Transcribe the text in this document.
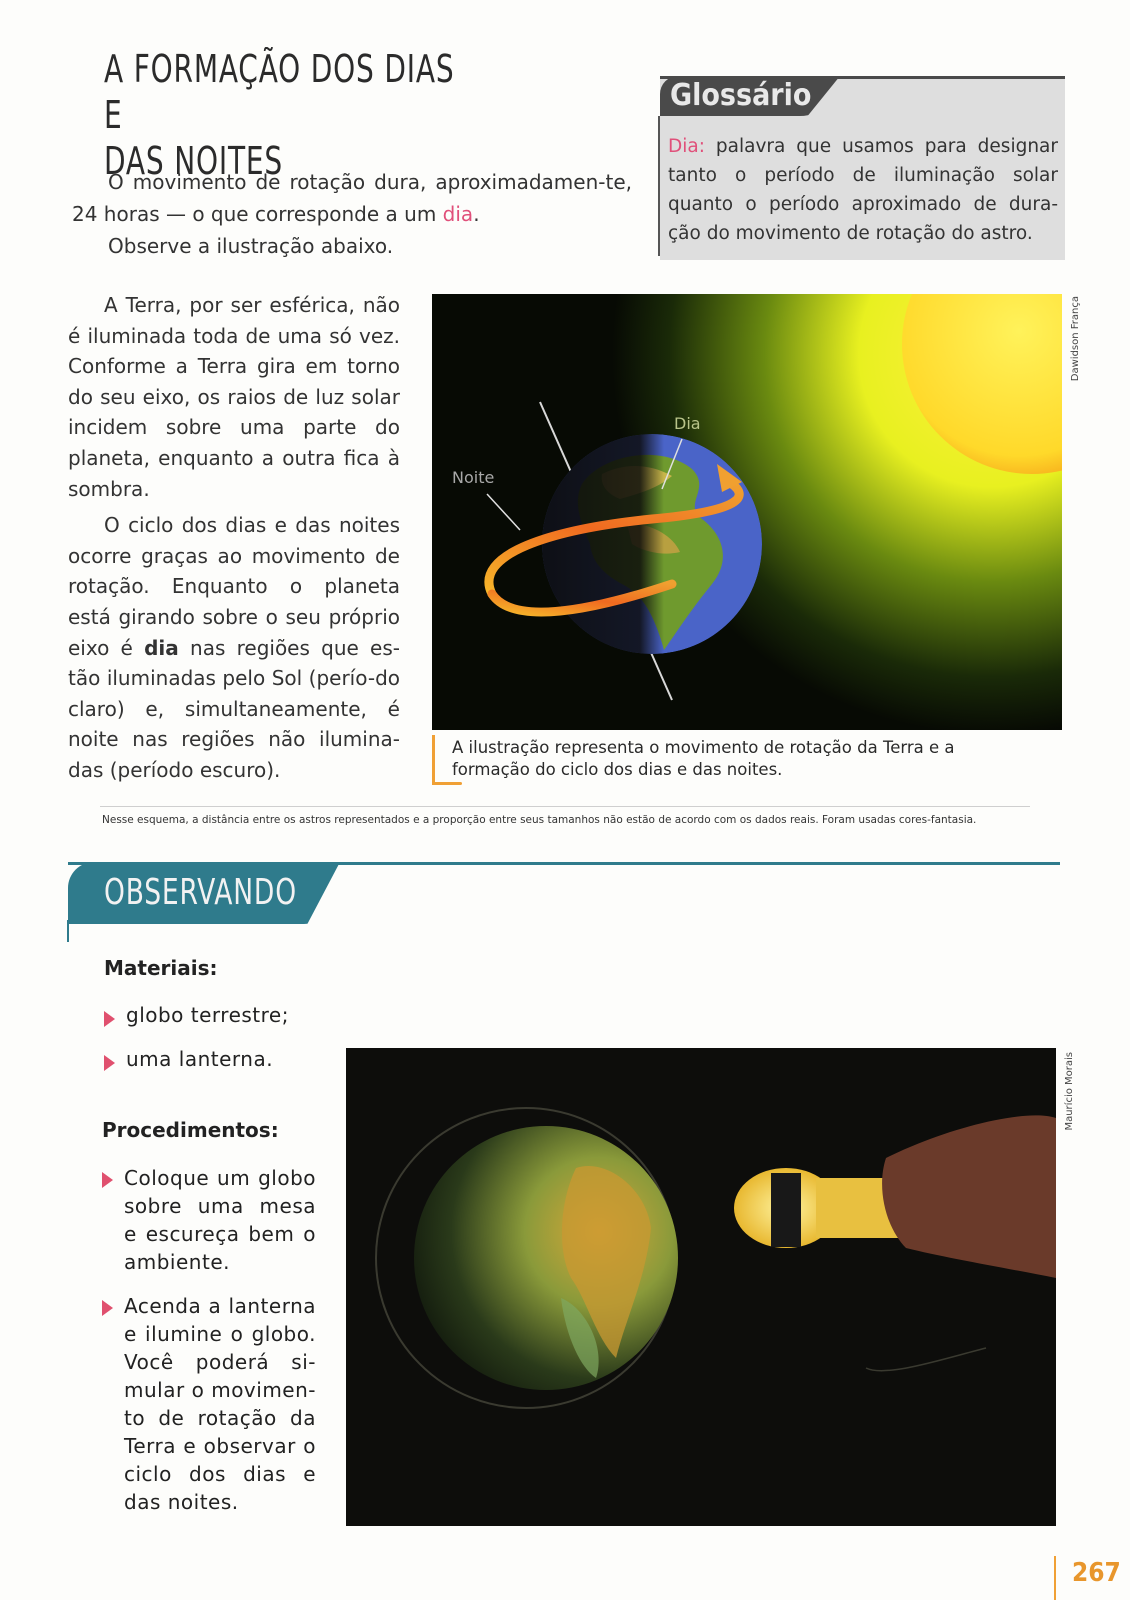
A FORMAÇÃO DOS DIAS E
DAS NOITES

O movimento de rotação dura, aproximadamen-te, 24 horas — o que corresponde a um dia.

Observe a ilustração abaixo.

Glossário
Dia: palavra que usamos para designar tanto o período de iluminação solar quanto o período aproximado de dura-ção do movimento de rotação do astro.

A Terra, por ser esférica, não é iluminada toda de uma só vez. Conforme a Terra gira em torno do seu eixo, os raios de luz solar incidem sobre uma parte do planeta, enquanto a outra fica à sombra.

O ciclo dos dias e das noites ocorre graças ao movimento de rotação. Enquanto o planeta está girando sobre o seu próprio eixo é dia nas regiões que es-tão iluminadas pelo Sol (perío-do claro) e, simultaneamente, é noite nas regiões não ilumina-das (período escuro).

Dia
Noite
Dawidson França
A ilustração representa o movimento de rotação da Terra e a formação do ciclo dos dias e das noites.
Nesse esquema, a distância entre os astros representados e a proporção entre seus tamanhos não estão de acordo com os dados reais. Foram usadas cores-fantasia.
OBSERVANDO
Materiais:
globo terrestre;
uma lanterna.
Procedimentos:
Coloque um globo sobre uma mesa e escureça bem o ambiente.
Acenda a lanterna e ilumine o globo. Você poderá si-mular o movimen-to de rotação da Terra e observar o ciclo dos dias e das noites.
Maurício Morais
267
